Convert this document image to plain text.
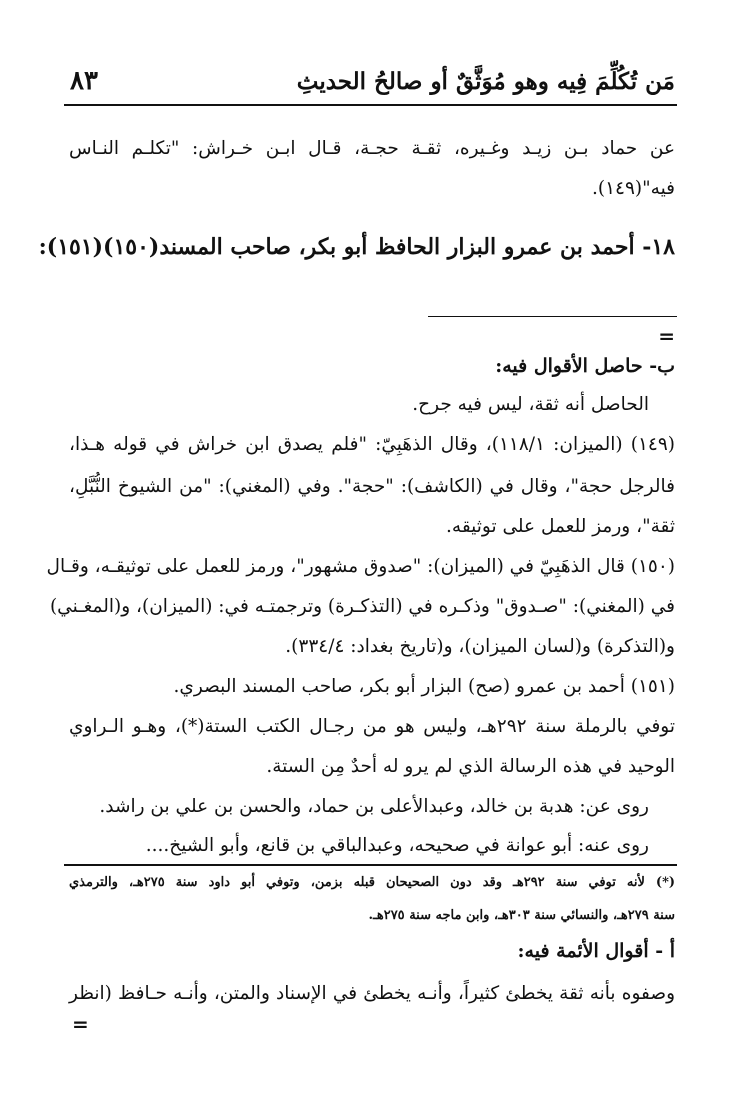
مَن تُكُلِّمَ فِيه وهو مُوَثَّقٌ أو صالحُ الحديثِ
٨٣
عن حماد بـن زيـد وغـيره، ثقـة حجـة، قـال ابـن خـراش: "تكلـم النـاس
فيه"(١٤٩).
١٨- أحمد بن عمرو البزار الحافظ أبو بكر، صاحب المسند(١٥٠)(١٥١):
=
ب- حاصل الأقوال فيه:
الحاصل أنه ثقة، ليس فيه جرح.
(١٤٩) (الميزان: ١١٨/١)، وقال الذهَبِيّ: "فلم يصدق ابن خراش في قوله هـذا،
فالرجل حجة"، وقال في (الكاشف): "حجة". وفي (المغني): "من الشيوخ النُّبَّلِ،
ثقة"، ورمز للعمل على توثيقه.
(١٥٠) قال الذهَبِيّ في (الميزان): "صدوق مشهور"، ورمز للعمل على توثيقـه، وقـال
في (المغني): "صـدوق" وذكـره في (التذكـرة) وترجمتـه في: (الميزان)، و(المغـني)
و(التذكرة) و(لسان الميزان)، و(تاريخ بغداد: ٣٣٤/٤).
(١٥١) أحمد بن عمرو (صح) البزار أبو بكر، صاحب المسند البصري.
توفي بالرملة سنة ٢٩٢هـ، وليس هو من رجـال الكتب الستة(*)، وهـو الـراوي
الوحيد في هذه الرسالة الذي لم يرو له أحدٌ مِن الستة.
روى عن: هدبة بن خالد، وعبدالأعلى بن حماد، والحسن بن علي بن راشد.
روى عنه: أبو عوانة في صحيحه، وعبدالباقي بن قانع، وأبو الشيخ....
(*) لأنه توفي سنة ٢٩٢هـ وقد دون الصحيحان قبله بزمن، وتوفي أبو داود سنة ٢٧٥هـ، والترمذي
سنة ٢٧٩هـ، والنسائي سنة ٣٠٣هـ، وابن ماجه سنة ٢٧٥هـ.
أ - أقوال الأئمة فيه:
وصفوه بأنه ثقة يخطئ كثيراً، وأنـه يخطئ في الإسناد والمتن، وأنـه حـافظ (انظر
=
